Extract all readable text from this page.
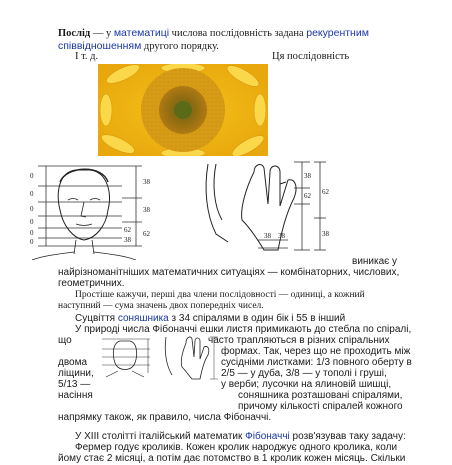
Послід — у математиці числова послідовність задана рекурентним співвідношенням другого порядку.

І т. д.	Ця послідовність
0
0
0
0
0
0
38
38
62
62
38
38
62 62
38
38 38
виникає у
найрізноманітніших математичних ситуаціях — комбінаторних, числових,
геометричних.
Простіше кажучи, перші два члени послідовності — одиниці, а кожний
наступний — сума значень двох попередніх чисел.
Суцвіття соняшника з 34 спіралями в один бік і 55 в інший
У природі числа Фібоначчі ешки листя примикають до стебла по спіралі,
що	часто трапляються в різних спіральних
формах. Так, через що не проходить між
двома	сусідніми листками: 1/3 повного оберту в
ліщини,	2/5 — у дуба, 3/8 — у тополі і груші,
5/13 —	у верби; лусочки на ялиновій шишці,
насіння	соняшника розташовані спіралями,
причому кількості спіралей кожного
напрямку також, як правило, числа Фібоначчі.
У XIII столітті італійський математик Фібоначчі розв'язував таку задачу:
Фермер годує кроликів. Кожен кролик народжує одного кролика, коли
йому стає 2 місяці, а потім дає потомство в 1 кролик кожен місяць. Скільки
